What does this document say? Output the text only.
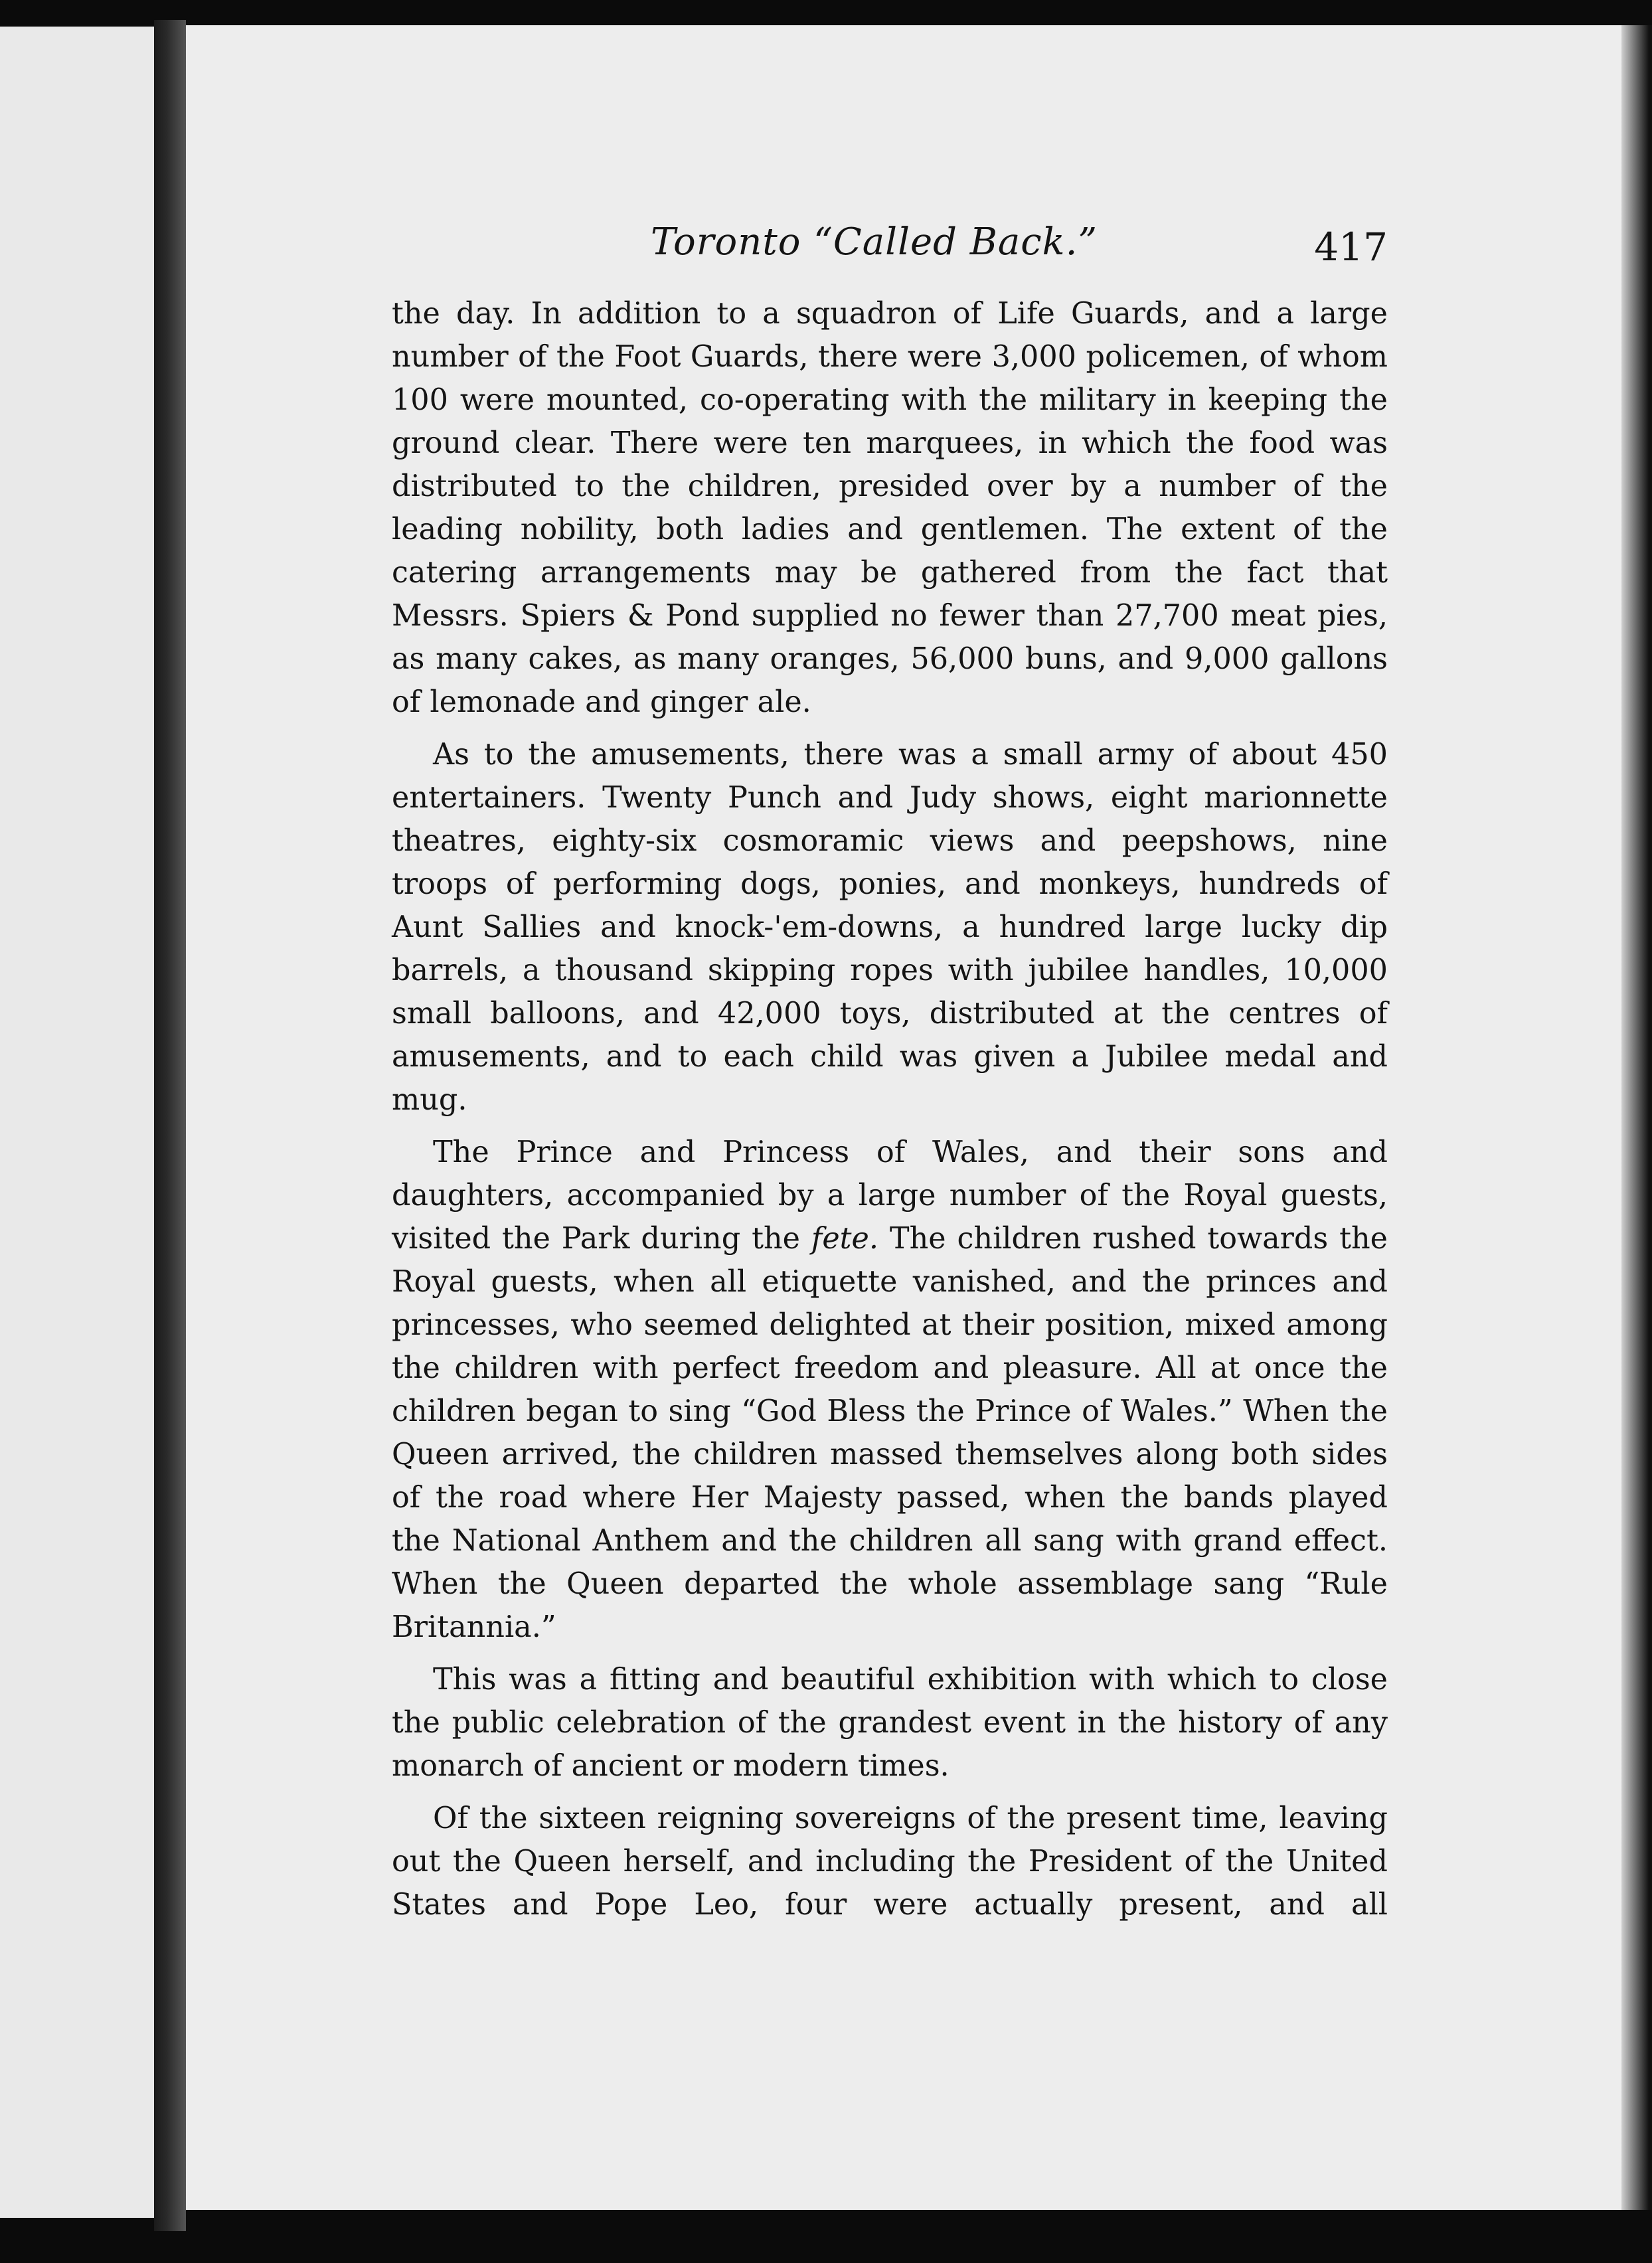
Toronto “Called Back.”	417

the day. In addition to a squadron of Life Guards, and a large number of the Foot Guards, there were 3,000 policemen, of whom 100 were mounted, co-operating with the military in keeping the ground clear. There were ten marquees, in which the food was distributed to the children, presided over by a number of the leading nobility, both ladies and gentlemen. The extent of the catering arrangements may be gathered from the fact that Messrs. Spiers & Pond supplied no fewer than 27,700 meat pies, as many cakes, as many oranges, 56,000 buns, and 9,000 gallons of lemonade and ginger ale.

As to the amusements, there was a small army of about 450 entertainers. Twenty Punch and Judy shows, eight marionnette theatres, eighty-six cosmoramic views and peepshows, nine troops of performing dogs, ponies, and monkeys, hundreds of Aunt Sallies and knock-'em-downs, a hundred large lucky dip barrels, a thousand skipping ropes with jubilee handles, 10,000 small balloons, and 42,000 toys, distributed at the centres of amusements, and to each child was given a Jubilee medal and mug.

The Prince and Princess of Wales, and their sons and daughters, accompanied by a large number of the Royal guests, visited the Park during the fete. The children rushed towards the Royal guests, when all etiquette vanished, and the princes and princesses, who seemed delighted at their position, mixed among the children with perfect freedom and pleasure. All at once the children began to sing “God Bless the Prince of Wales.” When the Queen arrived, the children massed themselves along both sides of the road where Her Majesty passed, when the bands played the National Anthem and the children all sang with grand effect. When the Queen departed the whole assemblage sang “Rule Britannia.”

This was a fitting and beautiful exhibition with which to close the public celebration of the grandest event in the history of any monarch of ancient or modern times.

Of the sixteen reigning sovereigns of the present time, leaving out the Queen herself, and including the President of the United States and Pope Leo, four were actually present, and all
